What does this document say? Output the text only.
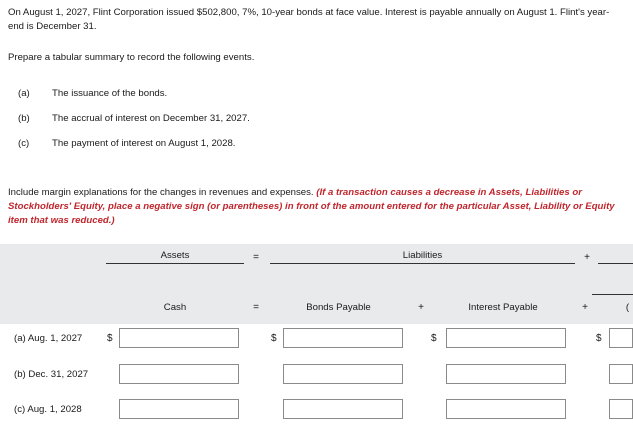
On August 1, 2027, Flint Corporation issued $502,800, 7%, 10-year bonds at face value. Interest is payable annually on August 1. Flint's year-end is December 31.
Prepare a tabular summary to record the following events.
(a) The issuance of the bonds.
(b) The accrual of interest on December 31, 2027.
(c) The payment of interest on August 1, 2028.
Include margin explanations for the changes in revenues and expenses. (If a transaction causes a decrease in Assets, Liabilities or Stockholders' Equity, place a negative sign (or parentheses) in front of the amount entered for the particular Asset, Liability or Equity item that was reduced.)
Assets	=	Liabilities	+
Cash	=	Bonds Payable	+	Interest Payable	+	(
(a) Aug. 1, 2027 $	$	$	$
(b) Dec. 31, 2027
(c) Aug. 1, 2028
